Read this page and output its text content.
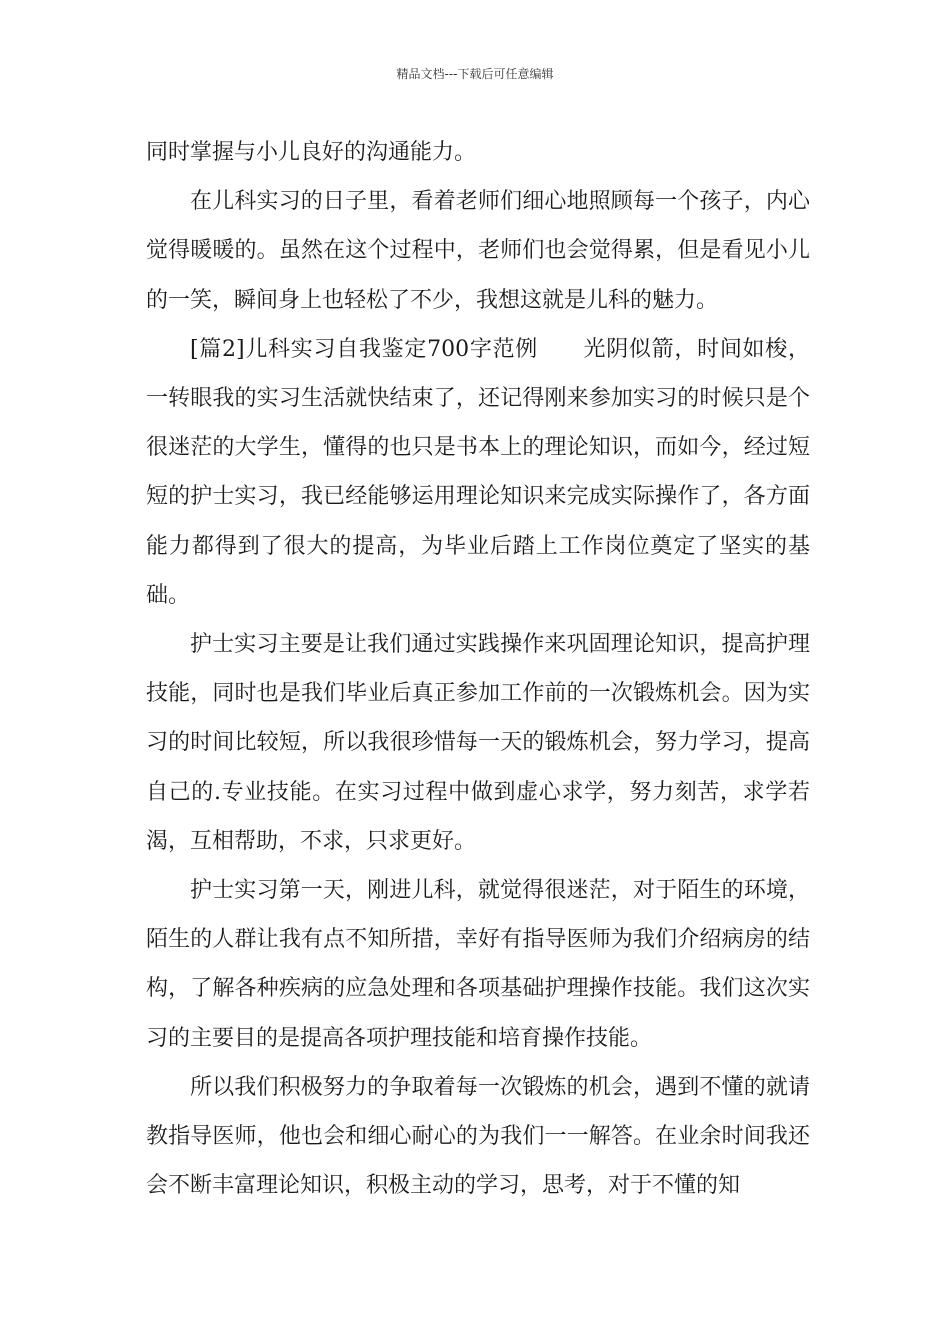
精品文档---下载后可任意编辑

同时掌握与小儿良好的沟通能力。

在儿科实习的日子里，看着老师们细心地照顾每一个孩子，内心觉得暖暖的。虽然在这个过程中，老师们也会觉得累，但是看见小儿的一笑，瞬间身上也轻松了不少，我想这就是儿科的魅力。

[篇2]儿科实习自我鉴定700字范例　　光阴似箭，时间如梭，一转眼我的实习生活就快结束了，还记得刚来参加实习的时候只是个很迷茫的大学生，懂得的也只是书本上的理论知识，而如今，经过短短的护士实习，我已经能够运用理论知识来完成实际操作了，各方面能力都得到了很大的提高，为毕业后踏上工作岗位奠定了坚实的基础。

护士实习主要是让我们通过实践操作来巩固理论知识，提高护理技能，同时也是我们毕业后真正参加工作前的一次锻炼机会。因为实习的时间比较短，所以我很珍惜每一天的锻炼机会，努力学习，提高自己的.专业技能。在实习过程中做到虚心求学，努力刻苦，求学若渴，互相帮助，不求，只求更好。

护士实习第一天，刚进儿科，就觉得很迷茫，对于陌生的环境，陌生的人群让我有点不知所措，幸好有指导医师为我们介绍病房的结构，了解各种疾病的应急处理和各项基础护理操作技能。我们这次实习的主要目的是提高各项护理技能和培育操作技能。

所以我们积极努力的争取着每一次锻炼的机会，遇到不懂的就请教指导医师，他也会和细心耐心的为我们一一解答。在业余时间我还会不断丰富理论知识，积极主动的学习，思考，对于不懂的知
